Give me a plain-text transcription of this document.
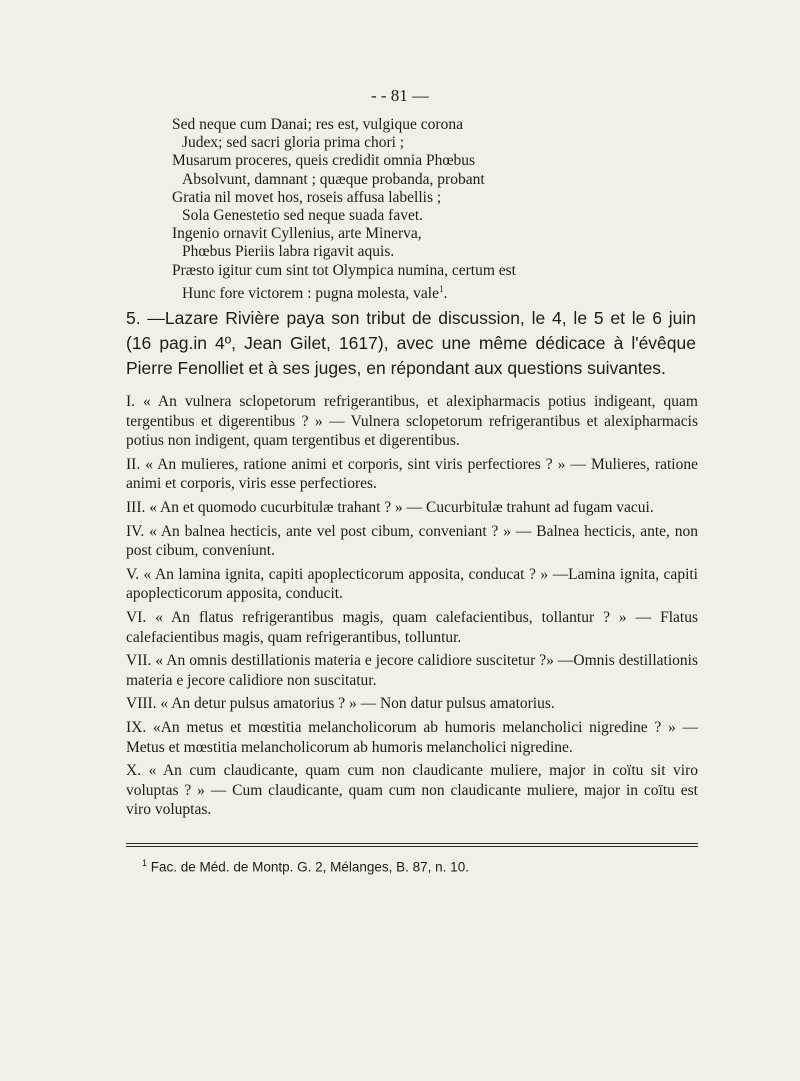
- - 81 —
Sed neque cum Danai; res est, vulgique corona
Judex; sed sacri gloria prima chori ;
Musarum proceres, queis credidit omnia Phœbus
Absolvunt, damnant ; quæque probanda, probant
Gratia nil movet hos, roseis affusa labellis ;
Sola Genestetio sed neque suada favet.
Ingenio ornavit Cyllenius, arte Minerva,
Phœbus Pieriis labra rigavit aquis.
Præsto igitur cum sint tot Olympica numina, certum est
Hunc fore victorem : pugna molesta, vale$^1$.
5. —Lazare Rivière paya son tribut de discussion, le 4, le 5 et le 6 juin (16 pag.in 4º, Jean Gilet, 1617), avec une même dédicace à l'évêque Pierre Fenolliet et à ses juges, en répondant aux questions suivantes.
I. « An vulnera sclopetorum refrigerantibus, et alexipharmacis potius indigeant, quam tergentibus et digerentibus ? » — Vulnera sclopetorum refrigerantibus et alexipharmacis potius non indigent, quam tergentibus et digerentibus.
II. « An mulieres, ratione animi et corporis, sint viris perfectiores ? » — Mulieres, ratione animi et corporis, viris esse perfectiores.
III. « An et quomodo cucurbitulæ trahant ? » — Cucurbitulæ trahunt ad fugam vacui.
IV. « An balnea hecticis, ante vel post cibum, conveniant ? » — Balnea hecticis, ante, non post cibum, conveniunt.
V. « An lamina ignita, capiti apoplecticorum apposita, conducat ? » —Lamina ignita, capiti apoplecticorum apposita, conducit.
VI. « An flatus refrigerantibus magis, quam calefacientibus, tollantur ? » — Flatus calefacientibus magis, quam refrigerantibus, tolluntur.
VII. « An omnis destillationis materia e jecore calidiore suscitetur ?» —Omnis destillationis materia e jecore calidiore non suscitatur.
VIII. « An detur pulsus amatorius ? » — Non datur pulsus amatorius.
IX. «An metus et mœstitia melancholicorum ab humoris melancholici nigredine ? » — Metus et mœstitia melancholicorum ab humoris melancholici nigredine.
X. « An cum claudicante, quam cum non claudicante muliere, major in coïtu sit viro voluptas ? » — Cum claudicante, quam cum non claudicante muliere, major in coïtu est viro voluptas.
$^1$ Fac. de Méd. de Montp. G. 2, Mélanges, B. 87, n. 10.
